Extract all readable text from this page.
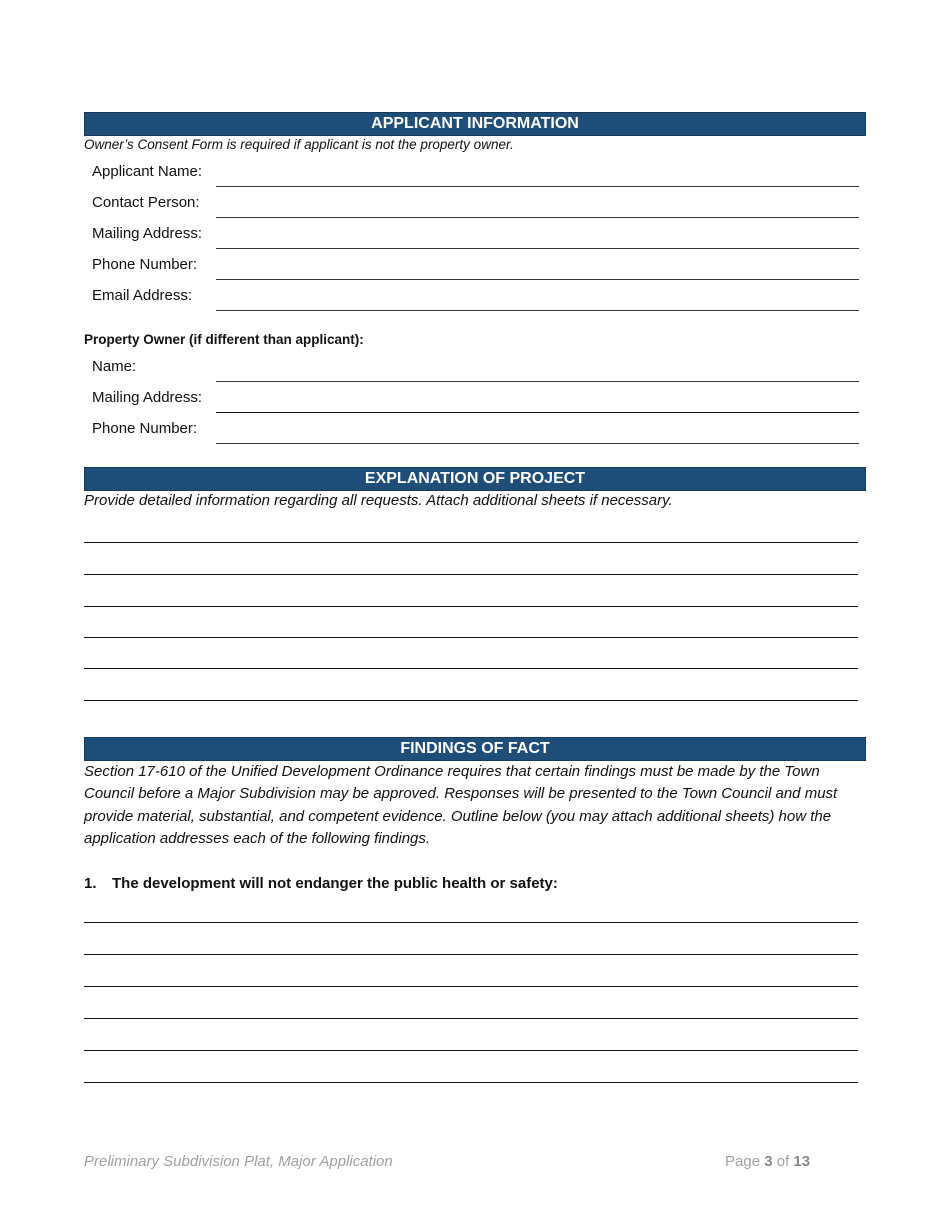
APPLICANT INFORMATION
Owner’s Consent Form is required if applicant is not the property owner.
Applicant Name:
Contact Person:
Mailing Address:
Phone Number:
Email Address:
Property Owner (if different than applicant):
Name:
Mailing Address:
Phone Number:
EXPLANATION OF PROJECT
Provide detailed information regarding all requests. Attach additional sheets if necessary.
FINDINGS OF FACT
Section 17-610 of the Unified Development Ordinance requires that certain findings must be made by the Town Council before a Major Subdivision may be approved. Responses will be presented to the Town Council and must provide material, substantial, and competent evidence. Outline below (you may attach additional sheets) how the application addresses each of the following findings.
1. The development will not endanger the public health or safety:
Preliminary Subdivision Plat, Major Application	Page 3 of 13
